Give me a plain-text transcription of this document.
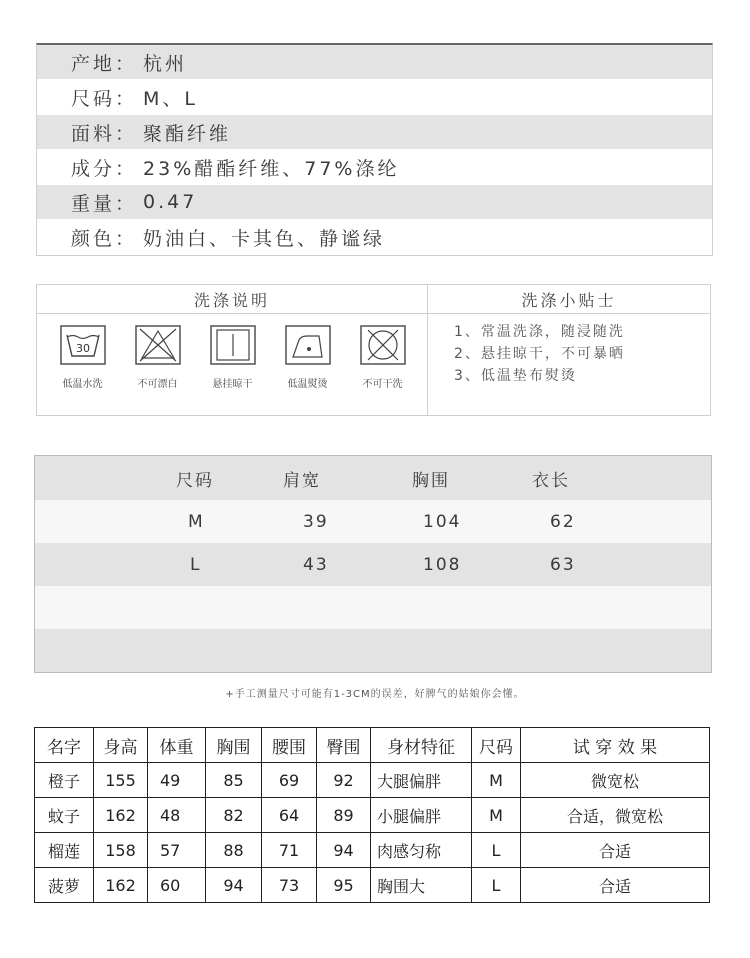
产地： 杭州
尺码： M、L
面料： 聚酯纤维
成分： 23%醋酯纤维、77%涤纶
重量： 0.47
颜色： 奶油白、卡其色、静谧绿
洗涤说明
30
低温水洗	不可漂白	悬挂晾干	低温熨烫	不可干洗
洗涤小贴士
1、常温洗涤，随浸随洗
2、悬挂晾干，不可暴晒
3、低温垫布熨烫
尺码	肩宽	胸围	衣长
M	39	104	62
L	43	108	63
+手工测量尺寸可能有1-3CM的误差，好脾气的姑娘你会懂。
名字	身高	体重	胸围	腰围	臀围	身材特征	尺码	试 穿 效 果
橙子	155	49	85	69	92	大腿偏胖	M	微宽松
蚊子	162	48	82	64	89	小腿偏胖	M	合适，微宽松
榴莲	158	57	88	71	94	肉感匀称	L	合适
菠萝	162	60	94	73	95	胸围大	L	合适
